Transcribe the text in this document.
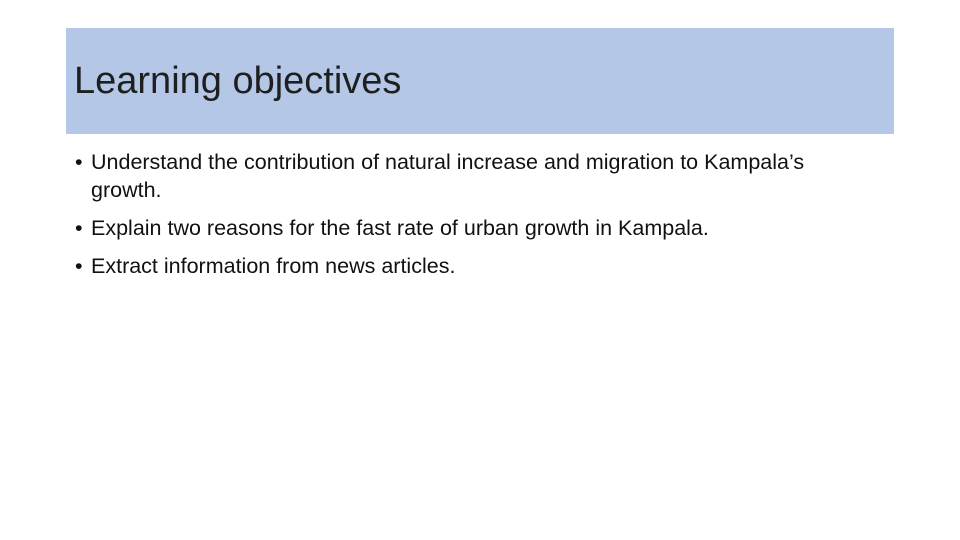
Learning objectives
• Understand the contribution of natural increase and migration to Kampala’s growth.
• Explain two reasons for the fast rate of urban growth in Kampala.
• Extract information from news articles.
